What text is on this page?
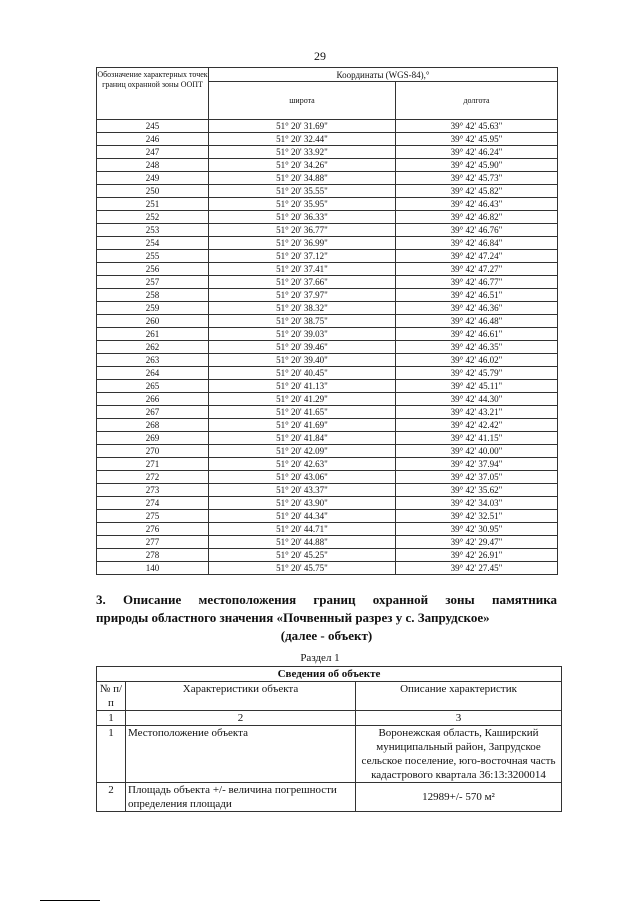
29
Обозначение характерных точек границ охранной зоны ООПТ	Координаты (WGS-84),°	
	широта	долгота
245	51° 20' 31.69"	39° 42' 45.63"
246	51° 20' 32.44"	39° 42' 45.95"
247	51° 20' 33.92"	39° 42' 46.24"
248	51° 20' 34.26"	39° 42' 45.90"
249	51° 20' 34.88"	39° 42' 45.73"
250	51° 20' 35.55"	39° 42' 45.82"
251	51° 20' 35.95"	39° 42' 46.43"
252	51° 20' 36.33"	39° 42' 46.82"
253	51° 20' 36.77"	39° 42' 46.76"
254	51° 20' 36.99"	39° 42' 46.84"
255	51° 20' 37.12"	39° 42' 47.24"
256	51° 20' 37.41"	39° 42' 47.27"
257	51° 20' 37.66"	39° 42' 46.77"
258	51° 20' 37.97"	39° 42' 46.51"
259	51° 20' 38.32"	39° 42' 46.36"
260	51° 20' 38.75"	39° 42' 46.48"
261	51° 20' 39.03"	39° 42' 46.61"
262	51° 20' 39.46"	39° 42' 46.35"
263	51° 20' 39.40"	39° 42' 46.02"
264	51° 20' 40.45"	39° 42' 45.79"
265	51° 20' 41.13"	39° 42' 45.11"
266	51° 20' 41.29"	39° 42' 44.30"
267	51° 20' 41.65"	39° 42' 43.21"
268	51° 20' 41.69"	39° 42' 42.42"
269	51° 20' 41.84"	39° 42' 41.15"
270	51° 20' 42.09"	39° 42' 40.00"
271	51° 20' 42.63"	39° 42' 37.94"
272	51° 20' 43.06"	39° 42' 37.05"
273	51° 20' 43.37"	39° 42' 35.62"
274	51° 20' 43.90"	39° 42' 34.03"
275	51° 20' 44.34"	39° 42' 32.51"
276	51° 20' 44.71"	39° 42' 30.95"
277	51° 20' 44.88"	39° 42' 29.47"
278	51° 20' 45.25"	39° 42' 26.91"
140	51° 20' 45.75"	39° 42' 27.45"
3. Описание местоположения границ охранной зоны памятника
природы областного значения «Почвенный разрез у с. Запрудское»
(далее - объект)
Раздел 1
Сведения об объекте		
№ п/п	Характеристики объекта	Описание характеристик
1	2	3
1	Местоположение объекта	Воронежская область, Каширский муниципальный район, Запрудское сельское поселение, юго-восточная часть кадастрового квартала 36:13:3200014
2	Площадь объекта +/- величина погрешности определения площади	12989+/- 570 м²
